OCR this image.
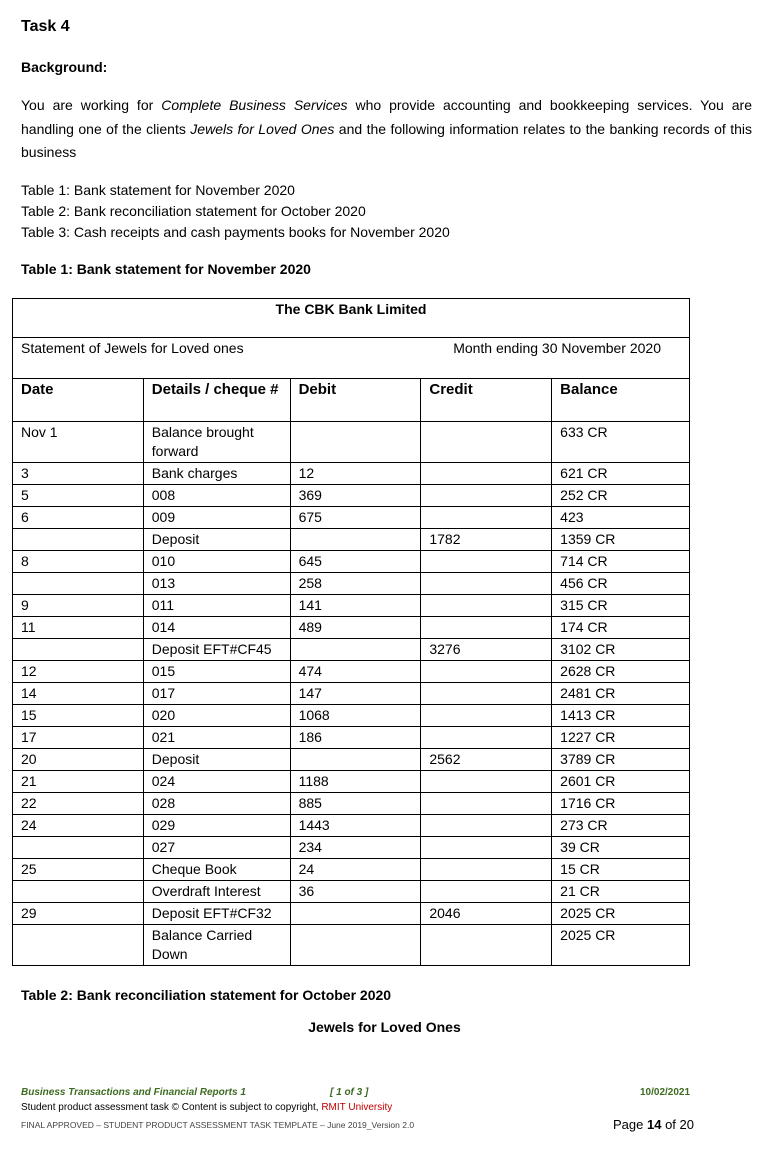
Task 4
Background:
You are working for Complete Business Services who provide accounting and bookkeeping services. You are handling one of the clients Jewels for Loved Ones and the following information relates to the banking records of this business
Table 1: Bank statement for November 2020
Table 2: Bank reconciliation statement for October 2020
Table 3: Cash receipts and cash payments books for November 2020
Table 1: Bank statement for November 2020
The CBK Bank Limited				

Statement of Jewels for Loved ones Month ending 30 November 2020				

Date	Details / cheque #	Debit	Credit	Balance
Nov 1	Balance brought forward			633 CR
3	Bank charges	12		621 CR
5	008	369		252 CR
6	009	675		423
	Deposit		1782	1359 CR
8	010	645		714 CR
	013	258		456 CR
9	011	141		315 CR
11	014	489		174 CR
	Deposit EFT#CF45		3276	3102 CR
12	015	474		2628 CR
14	017	147		2481 CR
15	020	1068		1413 CR
17	021	186		1227 CR
20	Deposit		2562	3789 CR
21	024	1188		2601 CR
22	028	885		1716 CR
24	029	1443		273 CR
	027	234		39 CR
25	Cheque Book	24		15 CR
	Overdraft Interest	36		21 CR
29	Deposit EFT#CF32		2046	2025 CR
	Balance Carried Down			2025 CR
Table 2: Bank reconciliation statement for October 2020
Jewels for Loved Ones
Business Transactions and Financial Reports 1	[ 1 of 3 ]	10/02/2021
Student product assessment task © Content is subject to copyright, RMIT University
FINAL APPROVED – STUDENT PRODUCT ASSESSMENT TASK TEMPLATE – June 2019_Version 2.0	Page 14 of 20
